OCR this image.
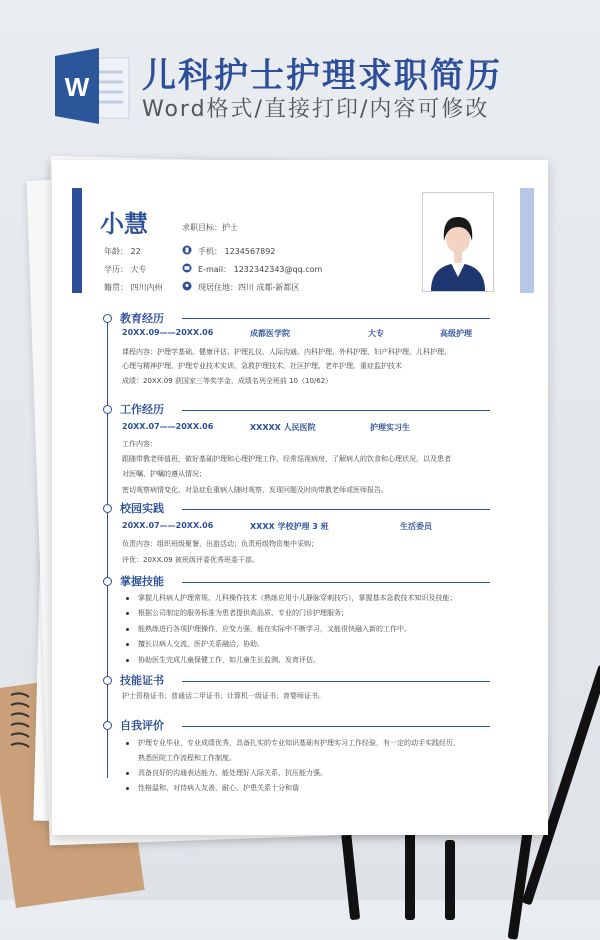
W 儿科护士护理求职简历
Word格式/直接打印/内容可修改
小慧	求职目标：护士
年龄： 22
学历： 大专
籍贯： 四川内州
手机： 1234567892
E-mail： 1232342343@qq.com
现居住地：四川 成都-新都区
教育经历
20XX.09——20XX.06	成都医学院	大专	高级护理
课程内容：护理学基础、健康评估、护理礼仪、人际沟通、内科护理、外科护理、妇产科护理、儿科护理、
心理与精神护理、护理专业技术实训、急救护理技术、社区护理、老年护理、重症监护技术
成绩：20XX.09 获国家三等奖学金，成绩名列全班前 10（10/62）
工作经历
20XX.07——20XX.06	XXXXX 人民医院	护理实习生
工作内容：
跟随带教老师值班，做好基础护理和心理护理工作，经常巡视病房，了解病人的饮食和心理状况，以及患者
对医嘱、护嘱的遵从情况；
密切观察病情变化，对急症危重病人随时观察，发现问题及时向带教老师或医师报告。
校园实践
20XX.07——20XX.06	XXXX 学校护理 3 班	生活委员
负责内容：组织班级聚餐、出游活动；负责班级物资集中采购；
评优：20XX.09 被班级评委优秀班委干部。
掌握技能
掌握儿科病人护理常规、儿科操作技术（熟练应用小儿静脉穿刺技巧），掌握基本急救技术知识及技能；
根据公司制定的服务标准为患者提供高品质、专业的门诊护理服务；
能熟练进行各项护理操作，应变力强，能在实际中不断学习，又能很快融入新的工作中。
擅长以病人交流，医护关系融洽，协助。
协助医生完成儿童保健工作，如儿童生长监测、发育评估。
技能证书
护士资格证书；普通话二甲证书；计算机一级证书；育婴师证书。
自我评价
护理专业毕业，专业成绩优秀，具备扎实的专业知识基础有护理实习工作经验，有一定的动手实践经历，
熟悉医院工作流程和工作制度。
具备良好的沟通表达能力，能处理好人际关系，抗压能力强。
性格温和、对待病人友善、耐心、护患关系十分和谐
